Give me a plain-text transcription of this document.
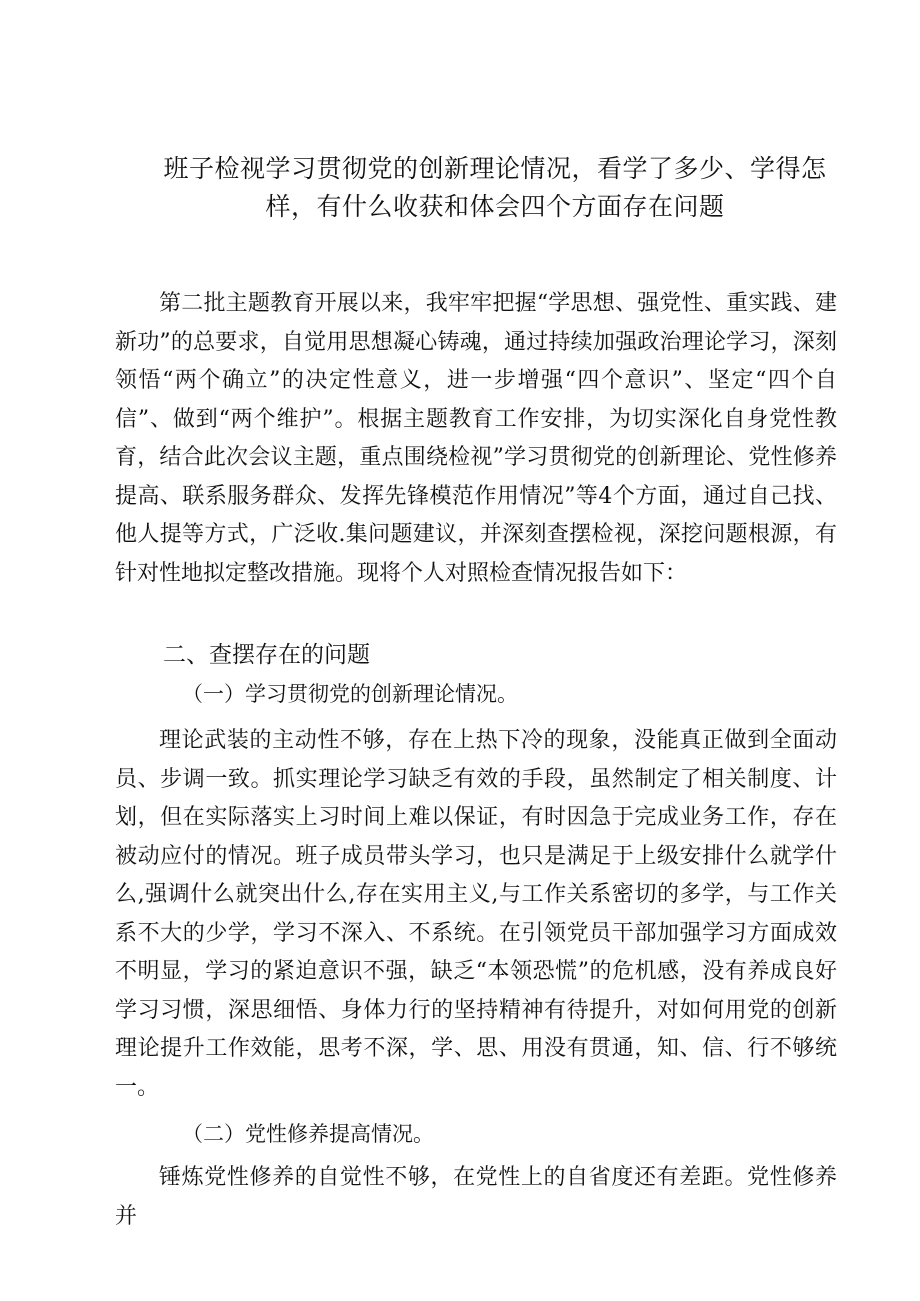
班子检视学习贯彻党的创新理论情况，看学了多少、学得怎样，有什么收获和体会四个方面存在问题

第二批主题教育开展以来，我牢牢把握“学思想、强党性、重实践、建新功”的总要求，自觉用思想凝心铸魂，通过持续加强政治理论学习，深刻领悟“两个确立”的决定性意义，进一步增强“四个意识”、坚定“四个自信”、做到“两个维护”。根据主题教育工作安排，为切实深化自身党性教育，结合此次会议主题，重点围绕检视”学习贯彻党的创新理论、党性修养提高、联系服务群众、发挥先锋模范作用情况”等4个方面，通过自己找、他人提等方式，广泛收.集问题建议，并深刻查摆检视，深挖问题根源，有针对性地拟定整改措施。现将个人对照检查情况报告如下：

二、查摆存在的问题
（一）学习贯彻党的创新理论情况。

理论武装的主动性不够，存在上热下冷的现象，没能真正做到全面动员、步调一致。抓实理论学习缺乏有效的手段，虽然制定了相关制度、计划，但在实际落实上习时间上难以保证，有时因急于完成业务工作，存在被动应付的情况。班子成员带头学习，也只是满足于上级安排什么就学什么,强调什么就突出什么,存在实用主义,与工作关系密切的多学，与工作关系不大的少学，学习不深入、不系统。在引领党员干部加强学习方面成效不明显，学习的紧迫意识不强，缺乏“本领恐慌”的危机感，没有养成良好学习习惯，深思细悟、身体力行的坚持精神有待提升，对如何用党的创新理论提升工作效能，思考不深，学、思、用没有贯通，知、信、行不够统一。

（二）党性修养提高情况。

锤炼党性修养的自觉性不够，在党性上的自省度还有差距。党性修养并
